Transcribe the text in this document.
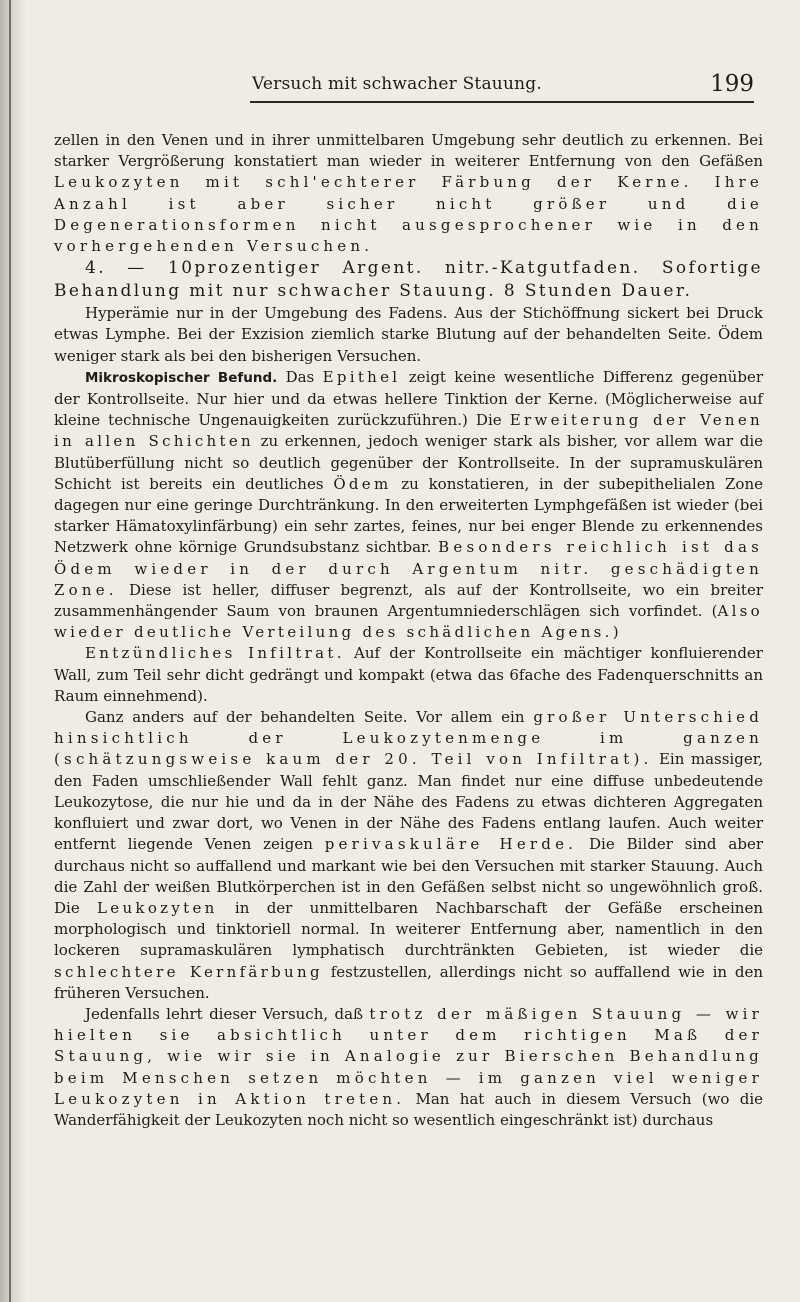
Versuch mit schwacher Stauung.	199

zellen in den Venen und in ihrer unmittelbaren Umgebung sehr deutlich zu erkennen. Bei starker Vergrößerung konstatiert man wieder in weiterer Entfernung von den Gefäßen Leukozyten mit schl'echterer Färbung der Kerne. Ihre Anzahl ist aber sicher nicht größer und die Degenerationsformen nicht ausgesprochener wie in den vorhergehenden Versuchen.

4. — 10prozentiger Argent. nitr.-Katgutfaden. Sofortige Behandlung mit nur schwacher Stauung. 8 Stunden Dauer.

Hyperämie nur in der Umgebung des Fadens. Aus der Stichöffnung sickert bei Druck etwas Lymphe. Bei der Exzision ziemlich starke Blutung auf der behandelten Seite. Ödem weniger stark als bei den bisherigen Versuchen.

Mikroskopischer Befund. Das Epithel zeigt keine wesentliche Differenz gegenüber der Kontrollseite. Nur hier und da etwas hellere Tinktion der Kerne. (Möglicherweise auf kleine technische Ungenauigkeiten zurückzuführen.) Die Erweiterung der Venen in allen Schichten zu erkennen, jedoch weniger stark als bisher, vor allem war die Blutüberfüllung nicht so deutlich gegenüber der Kontrollseite. In der supramuskulären Schicht ist bereits ein deutliches Ödem zu konstatieren, in der subepithelialen Zone dagegen nur eine geringe Durchtränkung. In den erweiterten Lymphgefäßen ist wieder (bei starker Hämatoxylinfärbung) ein sehr zartes, feines, nur bei enger Blende zu erkennendes Netzwerk ohne körnige Grundsubstanz sichtbar. Besonders reichlich ist das Ödem wieder in der durch Argentum nitr. geschädigten Zone. Diese ist heller, diffuser begrenzt, als auf der Kontrollseite, wo ein breiter zusammenhängender Saum von braunen Argentumniederschlägen sich vorfindet. (Also wieder deutliche Verteilung des schädlichen Agens.)

Entzündliches Infiltrat. Auf der Kontrollseite ein mächtiger konfluierender Wall, zum Teil sehr dicht gedrängt und kompakt (etwa das 6fache des Fadenquerschnitts an Raum einnehmend).

Ganz anders auf der behandelten Seite. Vor allem ein großer Unterschied hinsichtlich der Leukozytenmenge im ganzen (schätzungsweise kaum der 20. Teil von Infiltrat). Ein massiger, den Faden umschließender Wall fehlt ganz. Man findet nur eine diffuse unbedeutende Leukozytose, die nur hie und da in der Nähe des Fadens zu etwas dichteren Aggregaten konfluiert und zwar dort, wo Venen in der Nähe des Fadens entlang laufen. Auch weiter entfernt liegende Venen zeigen perivaskuläre Herde. Die Bilder sind aber durchaus nicht so auffallend und markant wie bei den Versuchen mit starker Stauung. Auch die Zahl der weißen Blutkörperchen ist in den Gefäßen selbst nicht so ungewöhnlich groß. Die Leukozyten in der unmittelbaren Nachbarschaft der Gefäße erscheinen morphologisch und tinktoriell normal. In weiterer Entfernung aber, namentlich in den lockeren supramaskulären lymphatisch durchtränkten Gebieten, ist wieder die schlechtere Kernfärbung festzustellen, allerdings nicht so auffallend wie in den früheren Versuchen.

Jedenfalls lehrt dieser Versuch, daß trotz der mäßigen Stauung — wir hielten sie absichtlich unter dem richtigen Maß der Stauung, wie wir sie in Analogie zur Bierschen Behandlung beim Menschen setzen möchten — im ganzen viel weniger Leukozyten in Aktion treten. Man hat auch in diesem Versuch (wo die Wanderfähigkeit der Leukozyten noch nicht so wesentlich eingeschränkt ist) durchaus
